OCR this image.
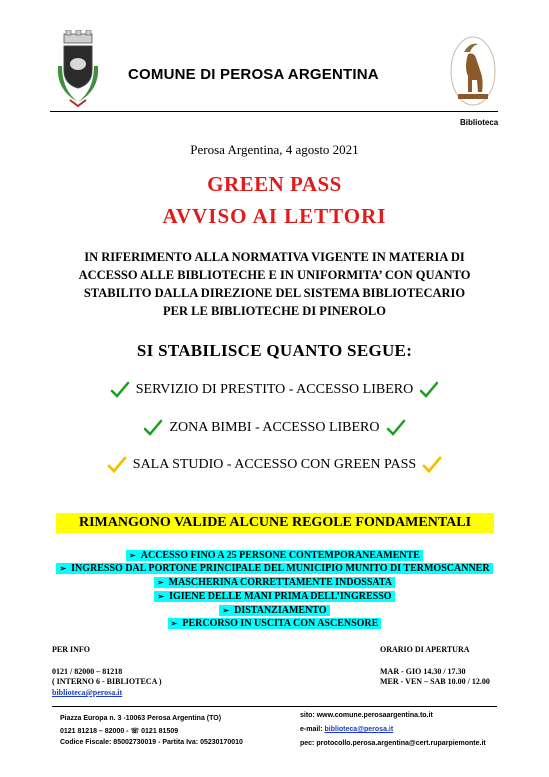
COMUNE DI PEROSA ARGENTINA
Biblioteca
Perosa Argentina, 4 agosto 2021
GREEN PASS
AVVISO AI LETTORI
IN RIFERIMENTO ALLA NORMATIVA VIGENTE IN MATERIA DI
ACCESSO ALLE BIBLIOTECHE E IN UNIFORMITA’ CON QUANTO
STABILITO DALLA DIREZIONE DEL SISTEMA BIBLIOTECARIO
PER LE BIBLIOTECHE DI PINEROLO
SI STABILISCE QUANTO SEGUE:
SERVIZIO DI PRESTITO - ACCESSO LIBERO
ZONA BIMBI - ACCESSO LIBERO
SALA STUDIO - ACCESSO CON GREEN PASS
RIMANGONO VALIDE ALCUNE REGOLE FONDAMENTALI
➢ ACCESSO FINO A 25 PERSONE CONTEMPORANEAMENTE
➢ INGRESSO DAL PORTONE PRINCIPALE DEL MUNICIPIO MUNITO DI TERMOSCANNER
➢ MASCHERINA CORRETTAMENTE INDOSSATA
➢ IGIENE DELLE MANI PRIMA DELL’INGRESSO
➢ DISTANZIAMENTO
➢ PERCORSO IN USCITA CON ASCENSORE
PER INFO
0121 / 82000 – 81218
( INTERNO 6 - BIBLIOTECA )
biblioteca@perosa.it
ORARIO DI APERTURA
MAR - GIO 14.30 / 17.30
MER - VEN – SAB 10.00 / 12.00
Piazza Europa n. 3 -10063 Perosa Argentina (TO)
0121 81218 – 82000 - ☏ 0121 81509
Codice Fiscale: 85002730019 - Partita Iva: 05230170010
sito: www.comune.perosaargentina.to.it
e-mail: biblioteca@perosa.it
pec: protocollo.perosa.argentina@cert.ruparpiemonte.it
